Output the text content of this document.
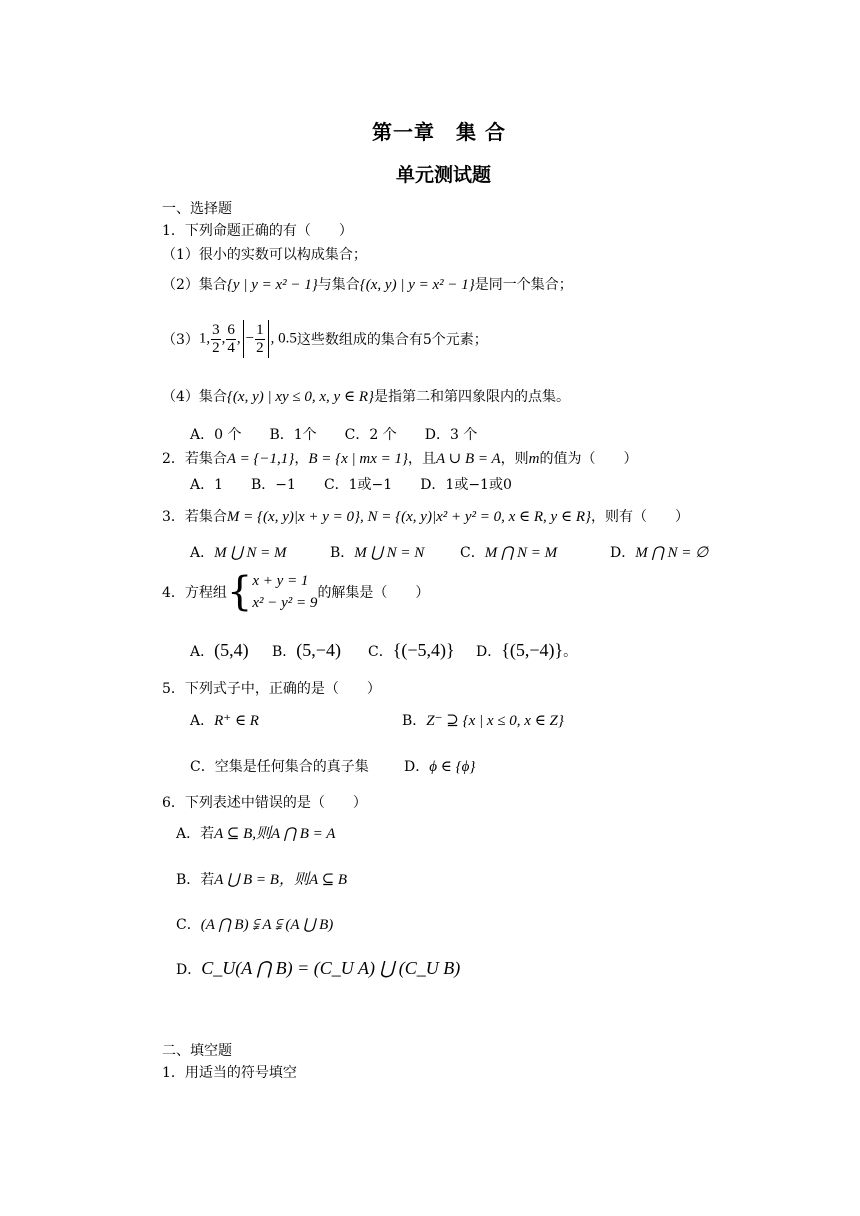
第一章　集 合
单元测试题
一、选择题
1．下列命题正确的有（　　）
（1）很小的实数可以构成集合；
（2）集合{y | y = x² − 1}与集合{(x, y) | y = x² − 1}是同一个集合；
（3） 1, $\frac{3}{2}$ , $\frac{6}{4}$ , − $\frac{1}{2}$ , 0.5 这些数组成的集合有5个元素；
（4）集合{(x, y) | xy ≤ 0, x, y ∈ R}是指第二和第四象限内的点集。
A．0 个　　B．1个　　C．2 个　　D．3 个
2．若集合A = {−1,1}，B = {x | mx = 1}，且A ∪ B = A，则m的值为（　　）
A．1　　B．−1　　C．1或−1　　D．1或−1或0
3．若集合M = {(x, y)|x + y = 0}, N = {(x, y)|x² + y² = 0, x ∈ R, y ∈ R}，则有（　　）
A．M ⋃ N = M	B．M ⋃ N = N	C．M ⋂ N = M	D．M ⋂ N = ∅
4．方程组 { x + y = 1
x² − y² = 9
的解集是（　　）
A．(5,4) B．(5,−4) C．{(−5,4)} D．{(5,−4)}。
5．下列式子中，正确的是（　　）
A．R⁺ ∈ R	B．Z⁻ ⊇ {x | x ≤ 0, x ∈ Z}
C．空集是任何集合的真子集	D．ϕ ∈ {ϕ}
6．下列表述中错误的是（　　）
A．若A ⊆ B,则A ⋂ B = A
B．若A ⋃ B = B，则A ⊆ B
C．(A ⋂ B) ⫋ A ⫋ (A ⋃ B)
D．C_U(A ⋂ B) = (C_U A) ⋃ (C_U B)
二、填空题
1．用适当的符号填空
